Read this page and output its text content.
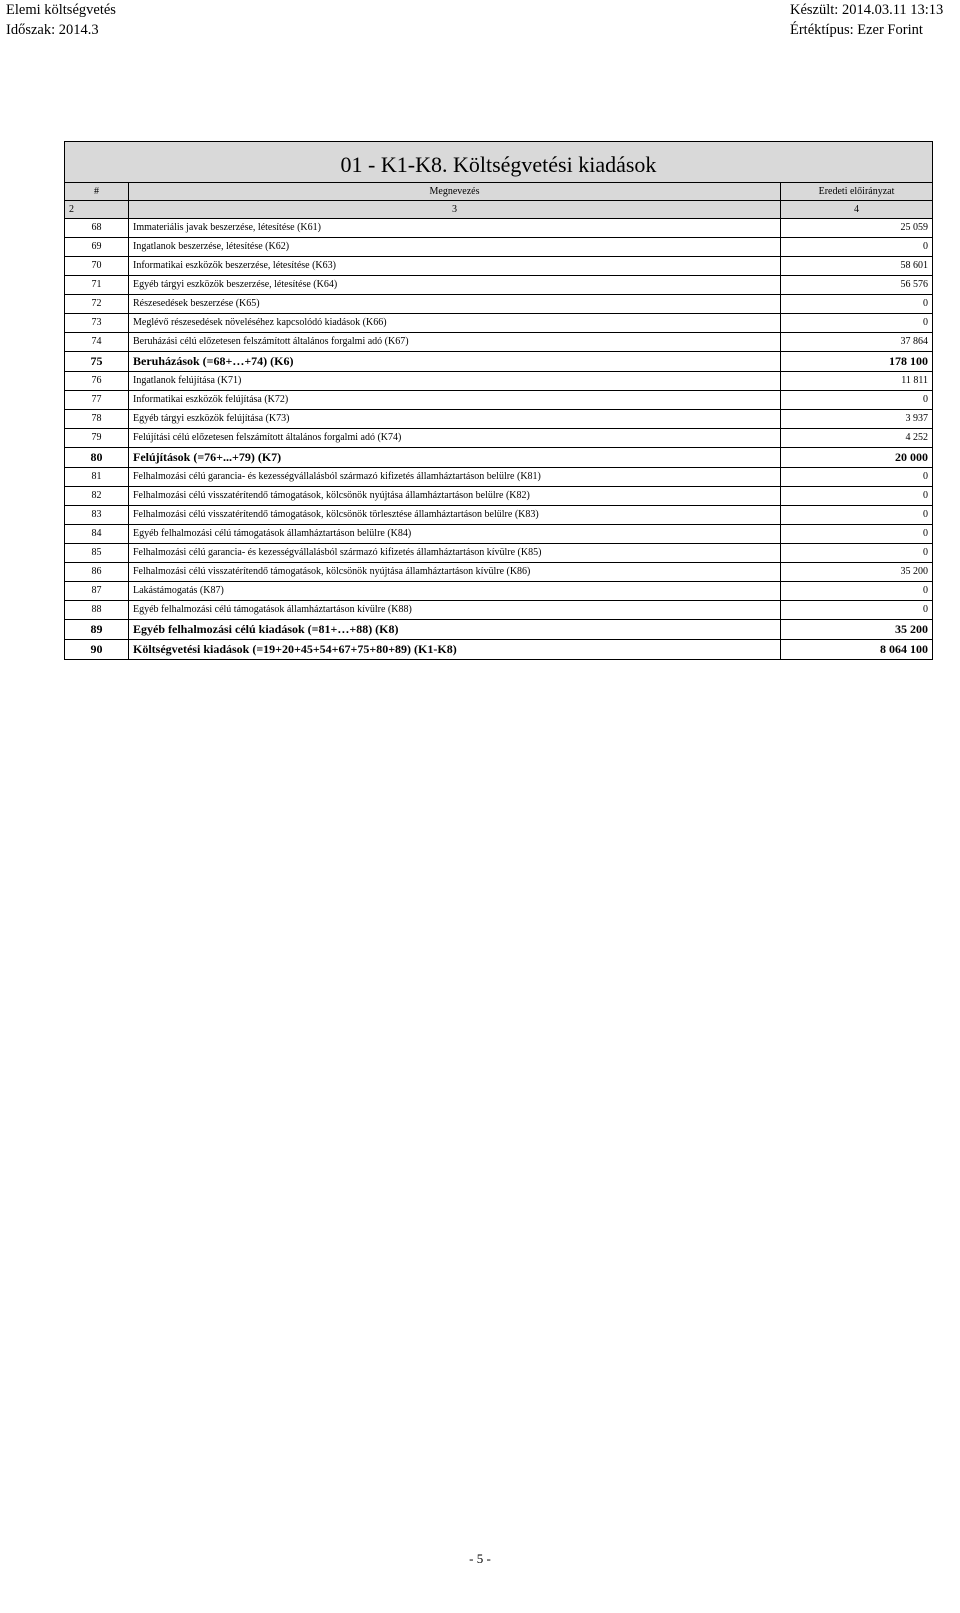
Elemi költségvetés
Időszak: 2014.3
Készült: 2014.03.11 13:13
Értéktípus: Ezer Forint
01 - K1-K8. Költségvetési kiadások		
#	Megnevezés	Eredeti előirányzat
2	3	4
68	Immateriális javak beszerzése, létesítése (K61)	25 059
69	Ingatlanok beszerzése, létesítése (K62)	0
70	Informatikai eszközök beszerzése, létesítése (K63)	58 601
71	Egyéb tárgyi eszközök beszerzése, létesítése (K64)	56 576
72	Részesedések beszerzése (K65)	0
73	Meglévő részesedések növeléséhez kapcsolódó kiadások (K66)	0
74	Beruházási célú előzetesen felszámított általános forgalmi adó (K67)	37 864
75	Beruházások (=68+…+74) (K6)	178 100
76	Ingatlanok felújítása (K71)	11 811
77	Informatikai eszközök felújítása (K72)	0
78	Egyéb tárgyi eszközök felújítása (K73)	3 937
79	Felújítási célú előzetesen felszámított általános forgalmi adó (K74)	4 252
80	Felújítások (=76+...+79) (K7)	20 000
81	Felhalmozási célú garancia- és kezességvállalásból származó kifizetés államháztartáson belülre (K81)	0
82	Felhalmozási célú visszatérítendő támogatások, kölcsönök nyújtása államháztartáson belülre (K82)	0
83	Felhalmozási célú visszatérítendő támogatások, kölcsönök törlesztése államháztartáson belülre (K83)	0
84	Egyéb felhalmozási célú támogatások államháztartáson belülre (K84)	0
85	Felhalmozási célú garancia- és kezességvállalásból származó kifizetés államháztartáson kívülre (K85)	0
86	Felhalmozási célú visszatérítendő támogatások, kölcsönök nyújtása államháztartáson kívülre (K86)	35 200
87	Lakástámogatás (K87)	0
88	Egyéb felhalmozási célú támogatások államháztartáson kívülre (K88)	0
89	Egyéb felhalmozási célú kiadások (=81+…+88) (K8)	35 200
90	Költségvetési kiadások (=19+20+45+54+67+75+80+89) (K1-K8)	8 064 100
- 5 -
